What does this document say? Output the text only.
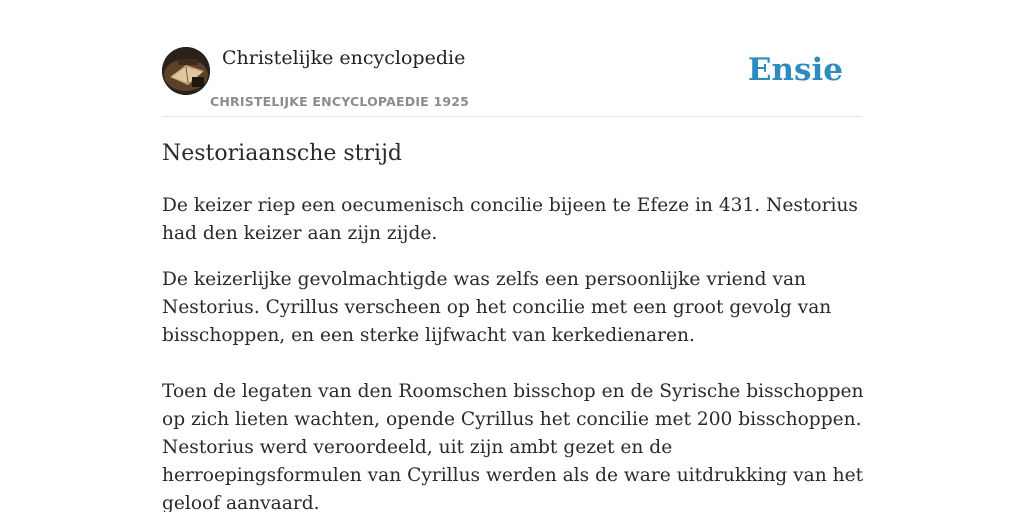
Christelijke encyclopedie
CHRISTELIJKE ENCYCLOPAEDIE 1925
Ensie
Nestoriaansche strijd

De keizer riep een oecumenisch concilie bijeen te Efeze in 431. Nestorius had den keizer aan zijn zijde.

De keizerlijke gevolmachtigde was zelfs een persoonlijke vriend van Nestorius. Cyrillus verscheen op het concilie met een groot gevolg van bisschoppen, en een sterke lijfwacht van kerkedienaren.

Toen de legaten van den Roomschen bisschop en de Syrische bisschoppen op zich lieten wachten, opende Cyrillus het concilie met 200 bisschoppen. Nestorius werd veroordeeld, uit zijn ambt gezet en de herroepingsformulen van Cyrillus werden als de ware uitdrukking van het geloof aanvaard.
